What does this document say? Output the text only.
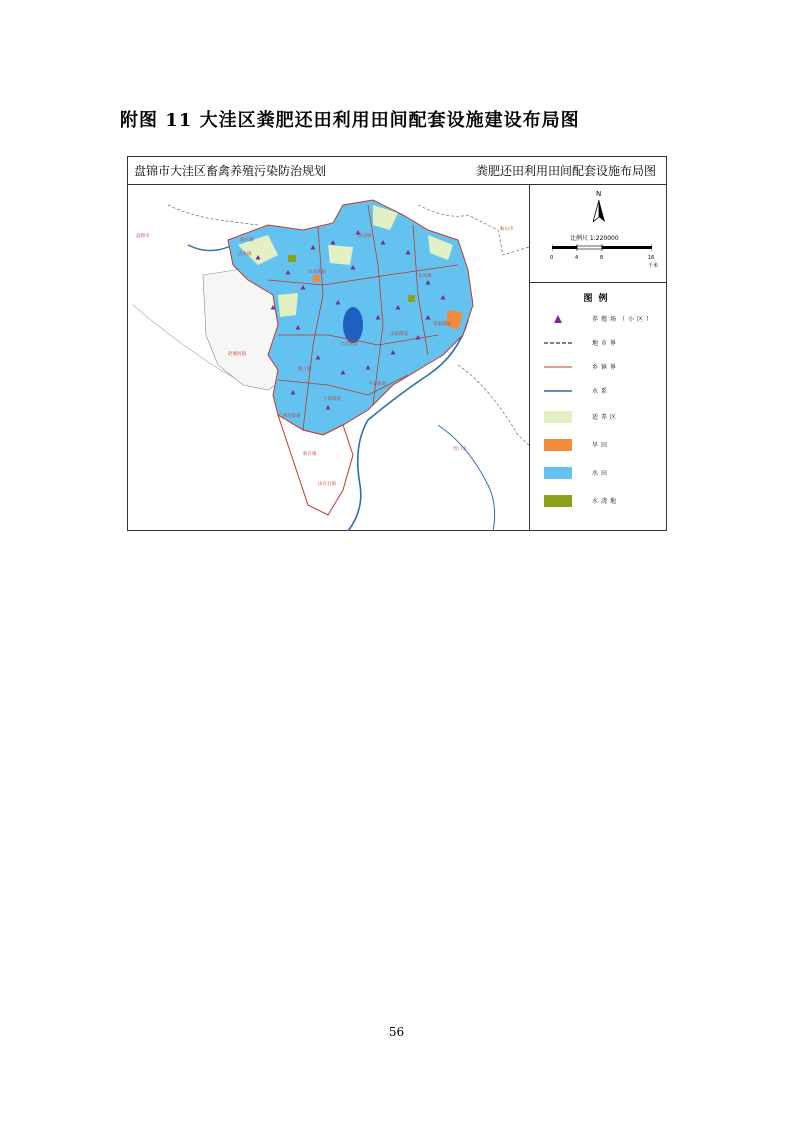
附图 11 大洼区粪肥还田利用田间配套设施建设布局图
盘锦市大洼区畜禽养殖污染防治规划	粪肥还田利用田间配套设施布局图
盘锦市
鞍山市
营口市
新兴镇
清水镇
赵圈河镇
荣兴街道
西安镇
东风镇
新立镇
王家街道
田家街道
大洼街道
二界沟街道
平安街道
唐家街道
新开镇
田庄台镇
N
比例尺 1:220000
0	4	8	16
千米
图例
养殖场（小区）
地市界
乡镇界
水系
适养区
旱田
水田
水浇地
56
